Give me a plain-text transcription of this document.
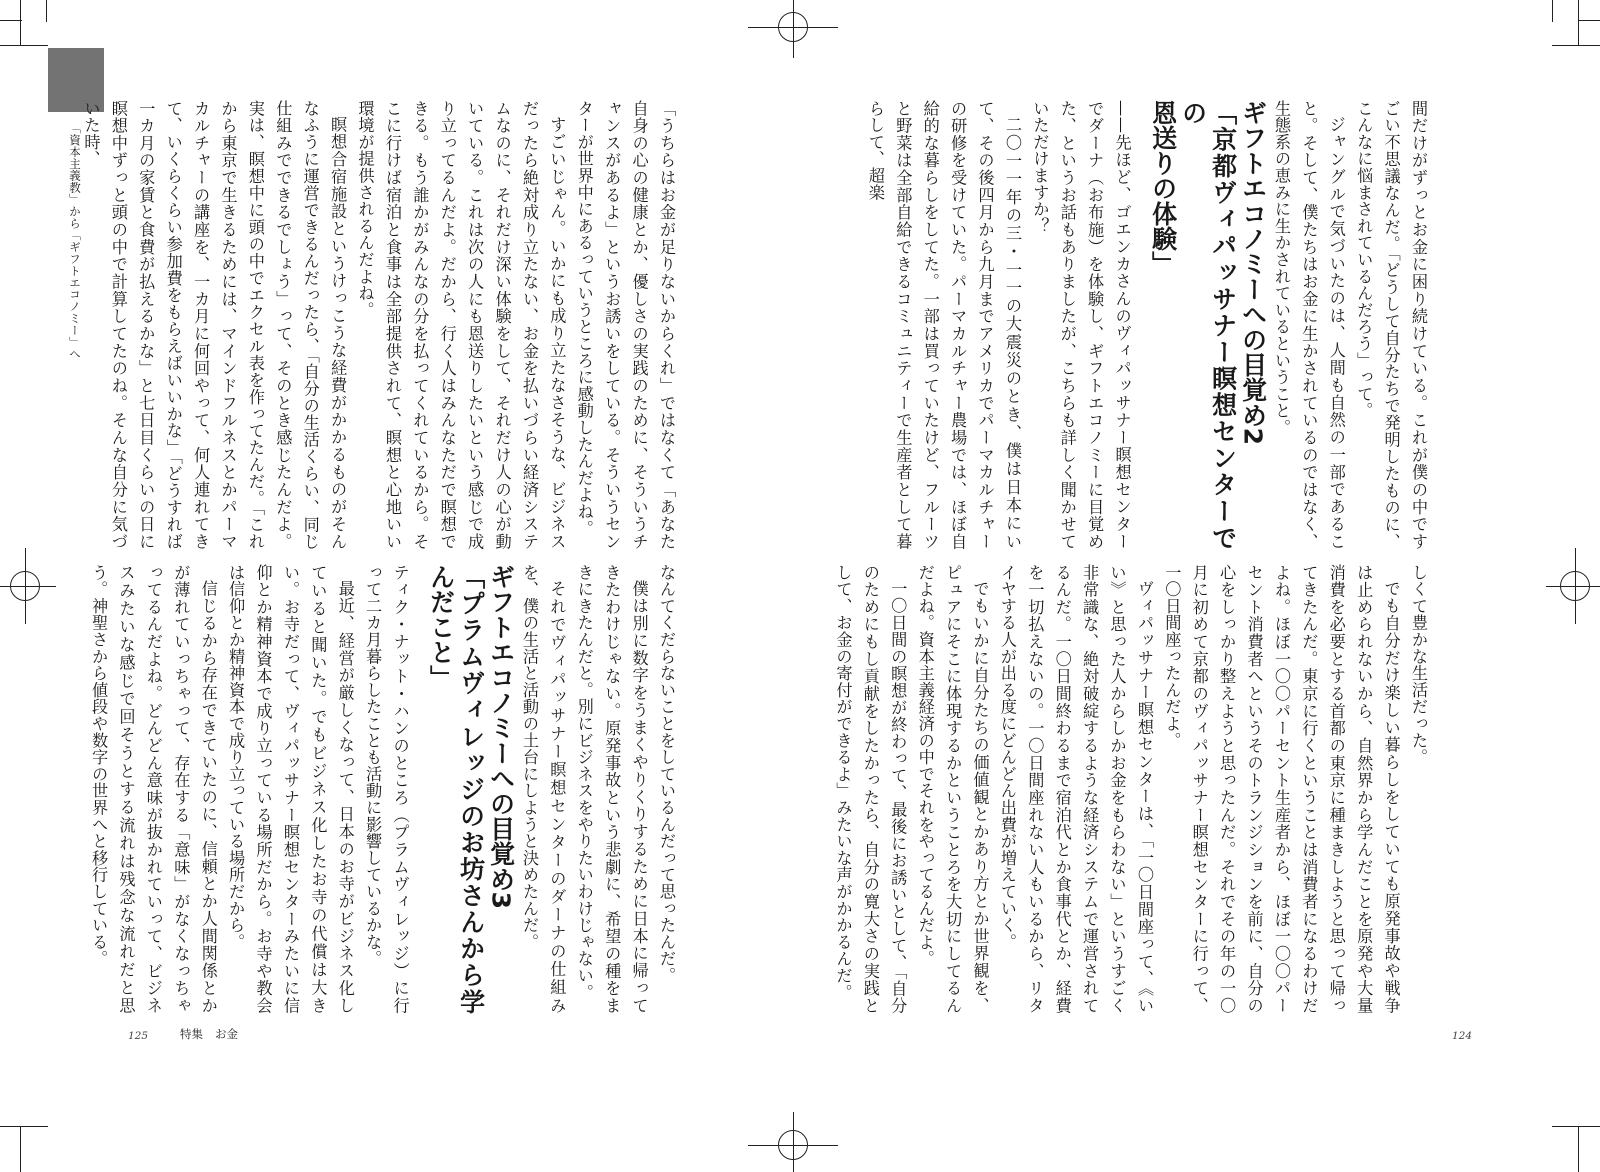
「資本主義教」から「ギフトエコノミー」へ	間だけがずっとお金に困り続けている。これが僕の中ですごい不思議なんだ。「どうして自分たちで発明したものに、こんなに悩まされているんだろう」って。

ジャングルで気づいたのは、人間も自然の一部であること。そして、僕たちはお金に生かされているのではなく、生態系の恵みに生かされているということ。

ギフトエコノミーへの目覚め2
「京都ヴィパッサナー瞑想センターでの
恩送りの体験」

——先ほど、ゴエンカさんのヴィパッサナー瞑想センターでダーナ（お布施）を体験し、ギフトエコノミーに目覚めた、というお話もありましたが、こちらも詳しく聞かせていただけますか？

二〇一一年の三・一一の大震災のとき、僕は日本にいて、その後四月から九月までアメリカでパーマカルチャーの研修を受けていた。パーマカルチャー農場では、ほぼ自給的な暮らしをしてた。一部は買っていたけど、フルーツと野菜は全部自給できるコミュニティーで生産者として暮らして、超楽

しくて豊かな生活だった。

でも自分だけ楽しい暮らしをしていても原発事故や戦争は止められないから、自然界から学んだことを原発や大量消費を必要とする首都の東京に種まきしようと思って帰ってきたんだ。東京に行くということは消費者になるわけだよね。ほぼ一〇〇パーセント生産者から、ほぼ一〇〇パーセント消費者へというそのトランジションを前に、自分の心をしっかり整えようと思ったんだ。それでその年の一〇月に初めて京都のヴィパッサナー瞑想センターに行って、一〇日間座ったんだよ。

ヴィパッサナー瞑想センターは、「一〇日間座って、《いい》と思った人からしかお金をもらわない」というすごく非常識な、絶対破綻するような経済システムで運営されてるんだ。一〇日間終わるまで宿泊代とか食事代とか、経費を一切払えないの。一〇日間座れない人もいるから、リタイヤする人が出る度にどんどん出費が増えていく。

でもいかに自分たちの価値観とかあり方とか世界観を、ピュアにそこに体現するかということろを大切にしてるんだよね。資本主義経済の中でそれをやってるんだよ。

一〇日間の瞑想が終わって、最後にお誘いとして、「自分のためにもし貢献をしたかったら、自分の寛大さの実践として、お金の寄付ができるよ」みたいな声がかかるんだ。

「うちらはお金が足りないからくれ」ではなくて「あなた自身の心の健康とか、優しさの実践のために、そういうチャンスがあるよ」というお誘いをしている。そういうセンターが世界中にあるっていうところに感動したんだよね。

すごいじゃん。いかにも成り立たなさそうな、ビジネスだったら絶対成り立たない、お金を払いづらい経済システムなのに、それだけ深い体験をして、それだけ人の心が動いている。これは次の人にも恩送りしたいという感じで成り立ってるんだよ。だから、行く人はみんなただで瞑想できる。もう誰かがみんなの分を払ってくれているから。そこに行けば宿泊と食事は全部提供されて、瞑想と心地いい環境が提供されるんだよね。

瞑想合宿施設というけっこうな経費がかかるものがそんなふうに運営できるんだったら、「自分の生活くらい、同じ仕組みでできるでしょう」って、そのとき感じたんだよ。実は、瞑想中に頭の中でエクセル表を作ってたんだ。「これから東京で生きるためには、マインドフルネスとかパーマカルチャーの講座を、一カ月に何回やって、何人連れてきて、いくらくらい参加費をもらえばいいかな」「どうすれば一カ月の家賃と食費が払えるかな」と七日目くらいの日に瞑想中ずっと頭の中で計算してたのね。そんな自分に気づいた時、

なんてくだらないことをしているんだって思ったんだ。

僕は別に数字をうまくやりくりするために日本に帰ってきたわけじゃない。原発事故という悲劇に、希望の種をまきにきたんだと。別にビジネスをやりたいわけじゃない。

それでヴィパッサナー瞑想センターのダーナの仕組みを、僕の生活と活動の土台にしようと決めたんだ。

ギフトエコノミーへの目覚め3
「プラムヴィレッジのお坊さんから学んだこと」

ティク・ナット・ハンのところ（プラムヴィレッジ）に行って二カ月暮らしたことも活動に影響しているかな。

最近、経営が厳しくなって、日本のお寺がビジネス化していると聞いた。でもビジネス化したお寺の代償は大きい。お寺だって、ヴィパッサナー瞑想センターみたいに信仰とか精神資本で成り立っている場所だから。お寺や教会は信仰とか精神資本で成り立っている場所だから。

信じるから存在できていたのに、信頼とか人間関係とかが薄れていっちゃって、存在する「意味」がなくなっちゃってるんだよね。どんどん意味が抜かれていって、ビジネスみたいな感じで回そうとする流れは残念な流れだと思う。神聖さから値段や数字の世界へと移行している。

125	特集 お金	124
